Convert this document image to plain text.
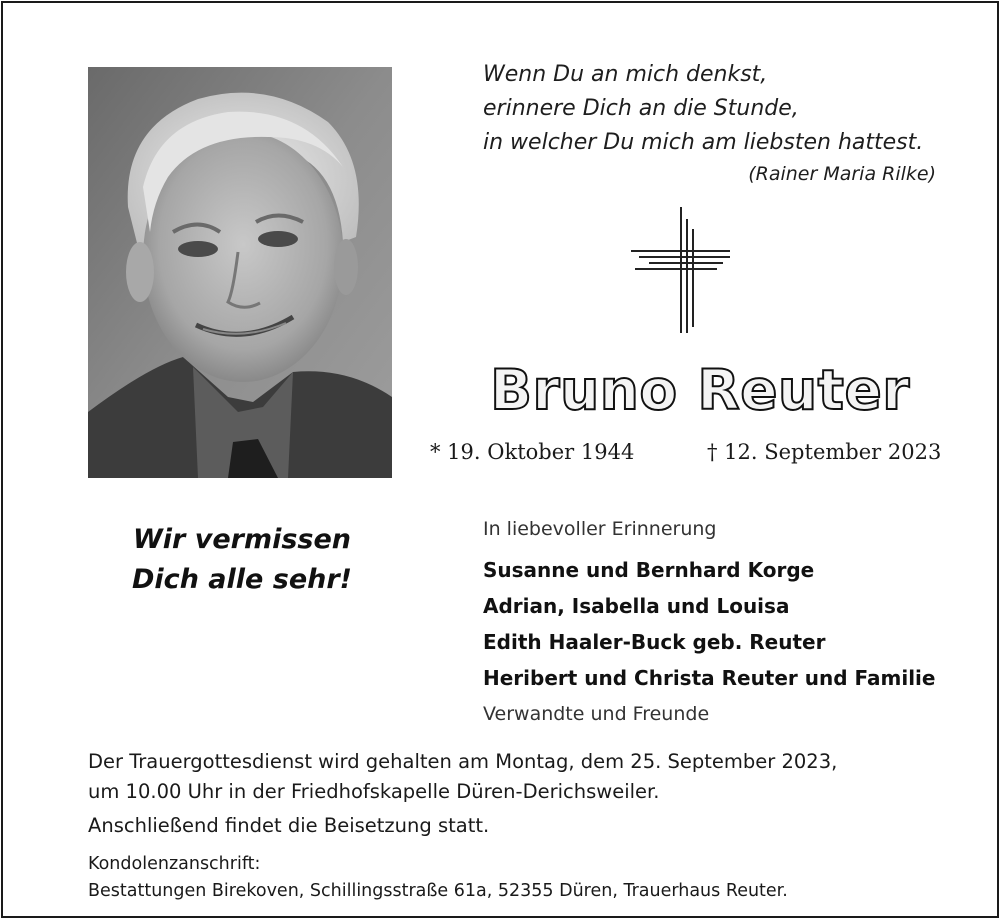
Wenn Du an mich denkst,
erinnere Dich an die Stunde,
in welcher Du mich am liebsten hattest.
(Rainer Maria Rilke)
Bruno Reuter
* 19. Oktober 1944	† 12. September 2023
Wir vermissen
Dich alle sehr!
In liebevoller Erinnerung
Susanne und Bernhard Korge
Adrian, Isabella und Louisa
Edith Haaler-Buck geb. Reuter
Heribert und Christa Reuter und Familie
Verwandte und Freunde
Der Trauergottesdienst wird gehalten am Montag, dem 25. September 2023,
um 10.00 Uhr in der Friedhofskapelle Düren-Derichsweiler.
Anschließend findet die Beisetzung statt.
Kondolenzanschrift:
Bestattungen Birekoven, Schillingsstraße 61a, 52355 Düren, Trauerhaus Reuter.
